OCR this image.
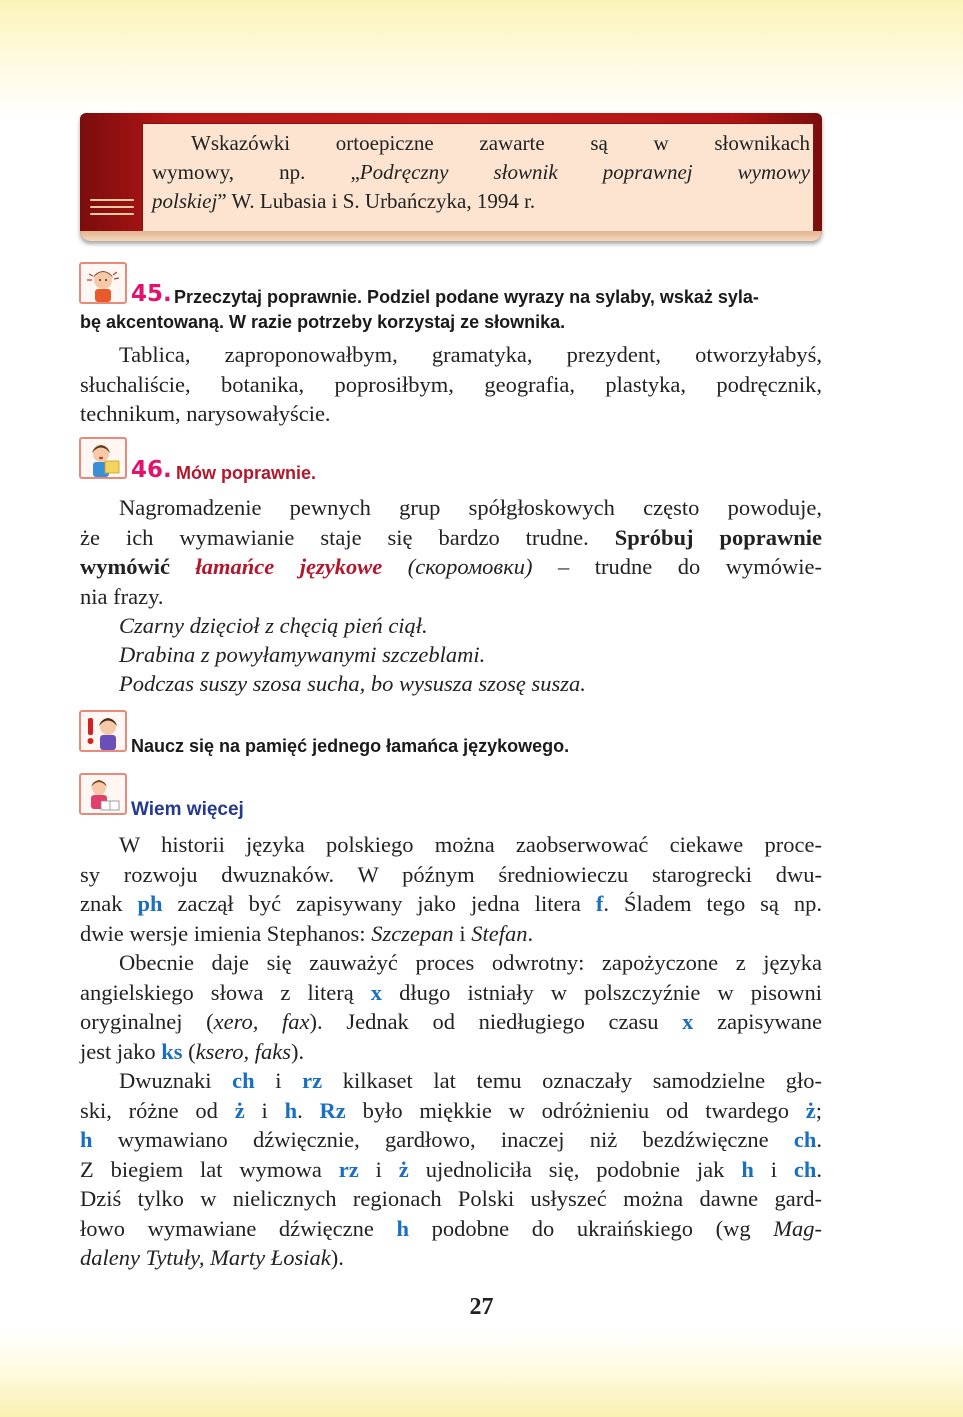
Wskazówki ortoepiczne zawarte są w słownikach
wymowy, np. „Podręczny słownik poprawnej wymowy
polskiej” W. Lubasia i S. Urbańczyka, 1994 r.
45. Przeczytaj poprawnie. Podziel podane wyrazy na sylaby, wskaż syla-
bę akcentowaną. W razie potrzeby korzystaj ze słownika.
Tablica, zaproponowałbym, gramatyka, prezydent, otworzyłabyś,
słuchaliście, botanika, poprosiłbym, geografia, plastyka, podręcznik,
technikum, narysowałyście.
46. Mów poprawnie.
Nagromadzenie pewnych grup spółgłoskowych często powoduje,
że ich wymawianie staje się bardzo trudne. Spróbuj poprawnie
wymówić łamańce językowe (скоромовки) – trudne do wymówie-
nia frazy.
Czarny dzięcioł z chęcią pień ciął.
Drabina z powyłamywanymi szczeblami.
Podczas suszy szosa sucha, bo wysusza szosę susza.
Naucz się na pamięć jednego łamańca językowego.
Wiem więcej
W historii języka polskiego można zaobserwować ciekawe proce-
sy rozwoju dwuznaków. W późnym średniowieczu starogrecki dwu-
znak ph zaczął być zapisywany jako jedna litera f. Śladem tego są np.
dwie wersje imienia Stephanos: Szczepan i Stefan.
Obecnie daje się zauważyć proces odwrotny: zapożyczone z języka
angielskiego słowa z literą x długo istniały w polszczyźnie w pisowni
oryginalnej (xero, fax). Jednak od niedługiego czasu x zapisywane
jest jako ks (ksero, faks).
Dwuznaki ch i rz kilkaset lat temu oznaczały samodzielne gło-
ski, różne od ż i h. Rz było miękkie w odróżnieniu od twardego ż;
h wymawiano dźwięcznie, gardłowo, inaczej niż bezdźwięczne ch.
Z biegiem lat wymowa rz i ż ujednoliciła się, podobnie jak h i ch.
Dziś tylko w nielicznych regionach Polski usłyszeć można dawne gard-
łowo wymawiane dźwięczne h podobne do ukraińskiego (wg Mag-
daleny Tytuły, Marty Łosiak).
27
